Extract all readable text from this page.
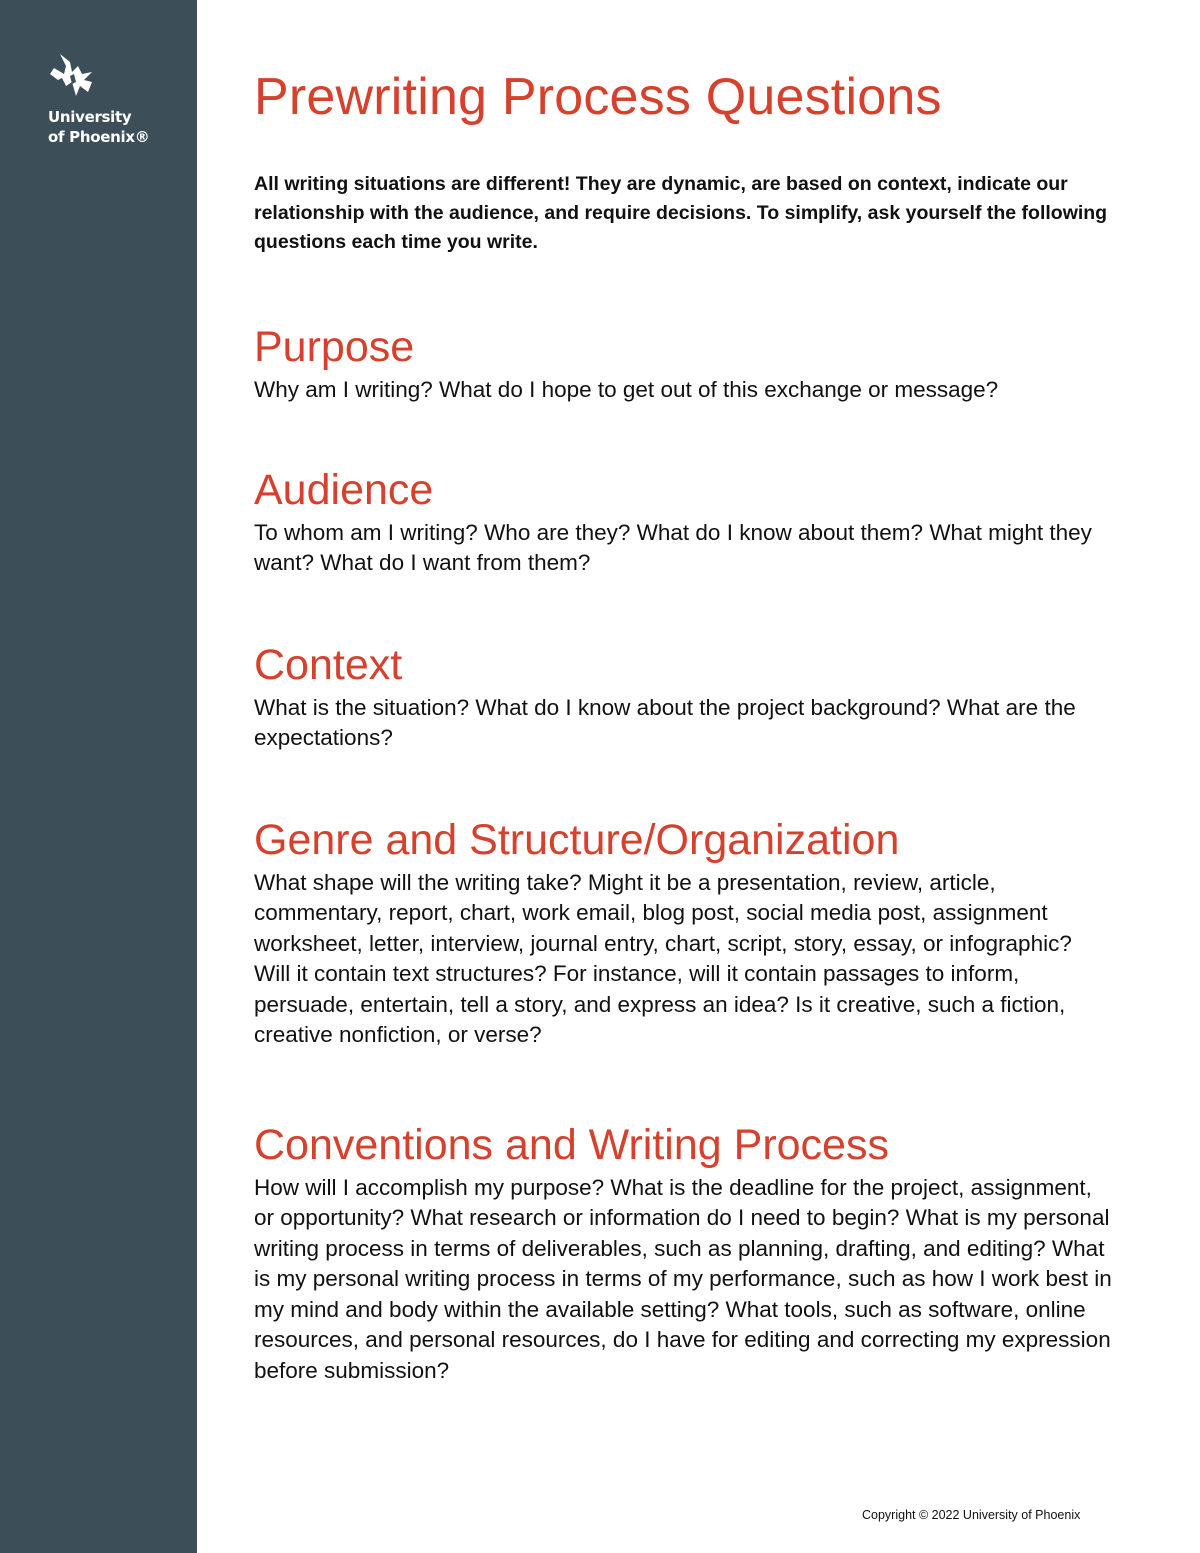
University
of Phoenix®
Prewriting Process Questions

All writing situations are different! They are dynamic, are based on context, indicate our relationship with the audience, and require decisions. To simplify, ask yourself the following questions each time you write.

Purpose

Why am I writing? What do I hope to get out of this exchange or message?

Audience

To whom am I writing? Who are they? What do I know about them? What might they want? What do I want from them?

Context

What is the situation? What do I know about the project background? What are the expectations?

Genre and Structure/Organization

What shape will the writing take? Might it be a presentation, review, article, commentary, report, chart, work email, blog post, social media post, assignment worksheet, letter, interview, journal entry, chart, script, story, essay, or infographic? Will it contain text structures? For instance, will it contain passages to inform, persuade, entertain, tell a story, and express an idea? Is it creative, such a fiction, creative nonfiction, or verse?

Conventions and Writing Process

How will I accomplish my purpose? What is the deadline for the project, assignment, or opportunity? What research or information do I need to begin? What is my personal writing process in terms of deliverables, such as planning, drafting, and editing? What is my personal writing process in terms of my performance, such as how I work best in my mind and body within the available setting? What tools, such as software, online resources, and personal resources, do I have for editing and correcting my expression before submission?

Copyright © 2022 University of Phoenix
